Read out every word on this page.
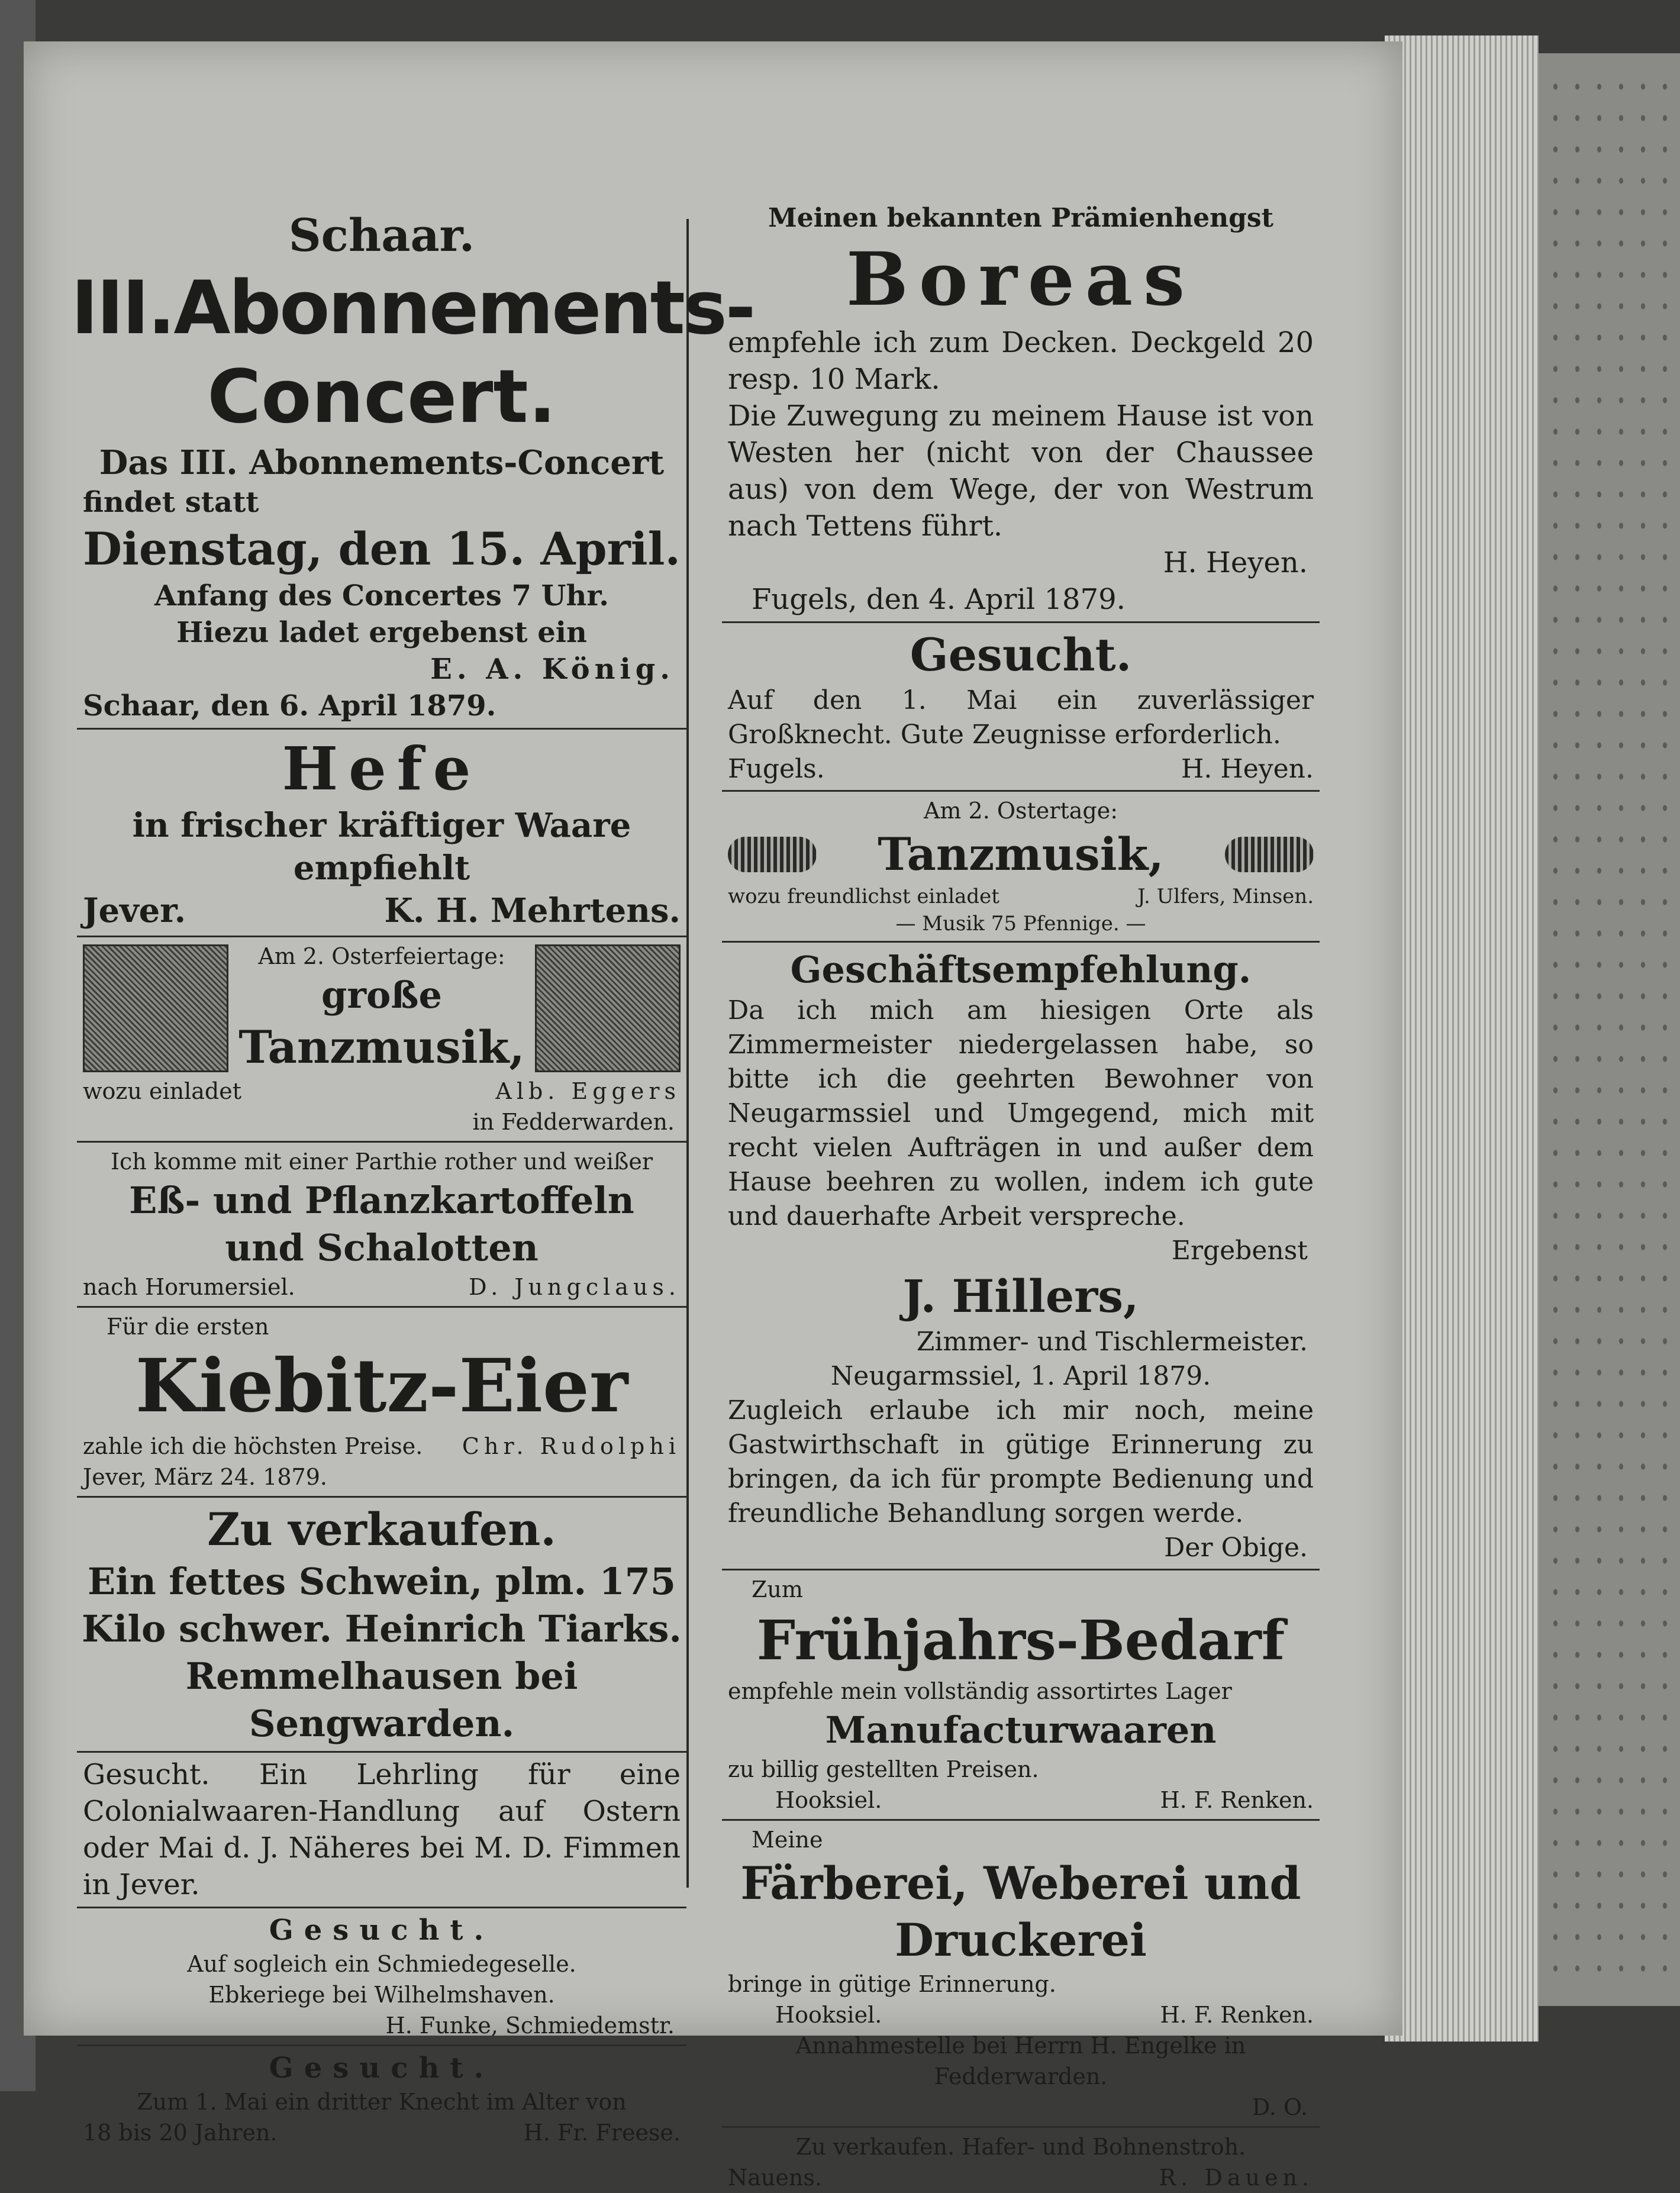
Schaar.
III.Abonnements-
Concert.
Das III. Abonnements-Concert
findet statt
Dienstag, den 15. April.
Anfang des Concertes 7 Uhr.
Hiezu ladet ergebenst ein
E. A. König.
Schaar, den 6. April 1879.
Hefe
in frischer kräftiger Waare empfiehlt
Jever.	K. H. Mehrtens.
Am 2. Osterfeiertage:
große
Tanzmusik,
wozu einladet	Alb. Eggers
in Fedderwarden.
Ich komme mit einer Parthie rother und weißer
Eß- und Pflanzkartoffeln
und Schalotten
nach Horumersiel.	D. Jungclaus.
Für die ersten
Kiebitz-Eier
zahle ich die höchsten Preise. Chr. Rudolphi
Jever, März 24. 1879.
Zu verkaufen.
Ein fettes Schwein, plm. 175
Kilo schwer. Heinrich Tiarks.
Remmelhausen bei Sengwarden.
Gesucht. Ein Lehrling für eine Colonialwaaren-Handlung auf Ostern oder Mai d. J. Näheres bei M. D. Fimmen in Jever.
Gesucht.
Auf sogleich ein Schmiedegeselle.
Ebkeriege bei Wilhelmshaven.
H. Funke, Schmiedemstr.
Gesucht.
Zum 1. Mai ein dritter Knecht im Alter von
18 bis 20 Jahren.	H. Fr. Freese.
Meinen bekannten Prämienhengst
Boreas
empfehle ich zum Decken. Deckgeld 20 resp. 10 Mark.
Die Zuwegung zu meinem Hause ist von Westen her (nicht von der Chaussee aus) von dem Wege, der von Westrum nach Tettens führt.
H. Heyen.
Fugels, den 4. April 1879.
Gesucht.
Auf den 1. Mai ein zuverlässiger Großknecht. Gute Zeugnisse erforderlich.
Fugels.	H. Heyen.
Am 2. Ostertage:
Tanzmusik,
wozu freundlichst einladet	J. Ulfers, Minsen.
— Musik 75 Pfennige. —
Geschäftsempfehlung.
Da ich mich am hiesigen Orte als Zimmermeister niedergelassen habe, so bitte ich die geehrten Bewohner von Neugarmssiel und Umgegend, mich mit recht vielen Aufträgen in und außer dem Hause beehren zu wollen, indem ich gute und dauerhafte Arbeit verspreche.
Ergebenst
J. Hillers,
Zimmer- und Tischlermeister.
Neugarmssiel, 1. April 1879.
Zugleich erlaube ich mir noch, meine Gastwirthschaft in gütige Erinnerung zu bringen, da ich für prompte Bedienung und freundliche Behandlung sorgen werde.
Der Obige.
Zum
Frühjahrs-Bedarf
empfehle mein vollständig assortirtes Lager
Manufacturwaaren
zu billig gestellten Preisen.
Hooksiel.	H. F. Renken.
Meine
Färberei, Weberei und
Druckerei
bringe in gütige Erinnerung.
Hooksiel.	H. F. Renken.
Annahmestelle bei Herrn H. Engelke in Fedderwarden.
D. O.
Zu verkaufen. Hafer- und Bohnenstroh.
Nauens.	R. Dauen.
